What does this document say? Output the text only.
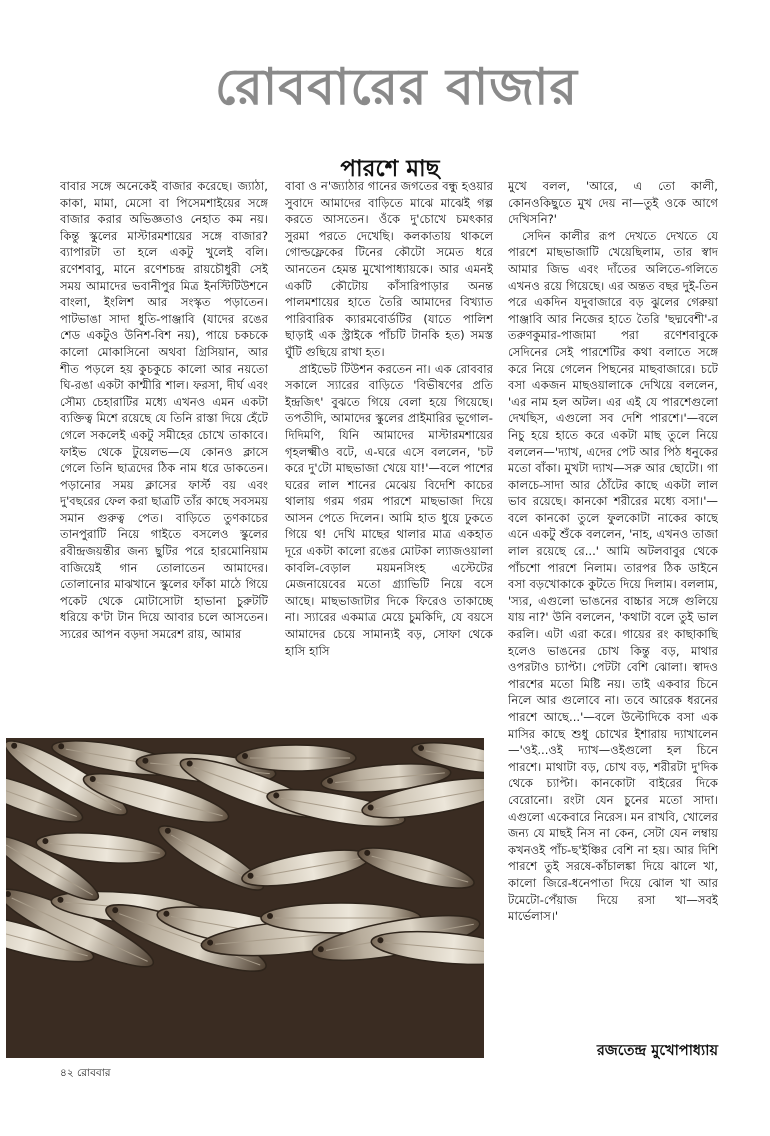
রোববারের বাজার
পারশে মাছ

বাবার সঙ্গে অনেকেই বাজার করেছে। জ্যাঠা, কাকা, মামা, মেসো বা পিসেমশাইয়ের সঙ্গে বাজার করার অভিজ্ঞতাও নেহাত কম নয়। কিন্তু স্কুলের মাস্টারমশায়ের সঙ্গে বাজার? ব্যাপারটা তা হলে একটু খুলেই বলি। রণেশবাবু, মানে রণেশচন্দ্র রায়চৌধুরী সেই সময় আমাদের ভবানীপুর মিত্র ইনস্টিটিউশনে বাংলা, ইংলিশ আর সংস্কৃত পড়াতেন। পাটভাঙা সাদা ধুতি-পাঞ্জাবি (যাদের রঙের শেড একটুও উনিশ-বিশ নয়), পায়ে চকচকে কালো মোকাসিনো অথবা গ্রিসিয়ান, আর শীত পড়লে হয় কুচকুচে কালো আর নয়তো ঘি-রঙা একটা কাশ্মীরি শাল। ফরসা, দীর্ঘ এবং সৌম্য চেহারাটির মধ্যে এখনও এমন একটা ব্যক্তিত্ব মিশে রয়েছে যে তিনি রাস্তা দিয়ে হেঁটে গেলে সকলেই একটু সমীহের চোখে তাকাবে। ফাইভ থেকে টুয়েলভ—যে কোনও ক্লাসে গেলে তিনি ছাত্রদের ঠিক নাম ধরে ডাকতেন। পড়ানোর সময় ক্লাসের ফার্স্ট বয় এবং দু'বছরের ফেল করা ছাত্রটি তাঁর কাছে সবসময় সমান গুরুত্ব পেত। বাড়িতে তুণকাচের তানপুরাটি নিয়ে গাইতে বসলেও স্কুলের রবীন্দ্রজয়ন্তীর জন্য ছুটির পরে হারমোনিয়াম বাজিয়েই গান তোলাতেন আমাদের। তোলানোর মাঝখানে স্কুলের ফাঁকা মাঠে গিয়ে পকেট থেকে মোটাসোটা হাভানা চুরুটটি ধরিয়ে ক'টা টান দিয়ে আবার চলে আসতেন। স্যরের আপন বড়দা সমরেশ রায়, আমার

বাবা ও ন'জ্যাঠার গানের জগতের বন্ধু হওয়ার সুবাদে আমাদের বাড়িতে মাঝে মাঝেই গল্প করতে আসতেন। ওঁকে দু'চোখে চমৎকার সুরমা পরতে দেখেছি। কলকাতায় থাকলে গোল্ডফ্লেকের টিনের কৌটো সমেত ধরে আনতেন হেমন্ত মুখোপাধ্যায়কে। আর এমনই একটি কৌটোয় কাঁসারিপাড়ার অনন্ত পালমশায়ের হাতে তৈরি আমাদের বিখ্যাত পারিবারিক ক্যারমবোর্ডটির (যাতে পালিশ ছাড়াই এক স্ট্রাইকে পাঁচটি টানকি হত) সমস্ত ঘুঁটি গুছিয়ে রাখা হত।

প্রাইভেট টিউশন করতেন না। এক রোববার সকালে স্যারের বাড়িতে 'বিভীষণের প্রতি ইন্দ্রজিৎ' বুঝতে গিয়ে বেলা হয়ে গিয়েছে। তপতীদি, আমাদের স্কুলের প্রাইমারির ভূগোল-দিদিমণি, যিনি আমাদের মাস্টারমশায়ের গৃহলক্ষ্মীও বটে, এ-ঘরে এসে বললেন, 'চট করে দু'টো মাছভাজা খেয়ে যা!'—বলে পাশের ঘরের লাল শানের মেঝেয় বিদেশি কাচের থালায় গরম গরম পারশে মাছভাজা দিয়ে আসন পেতে দিলেন। আমি হাত ধুয়ে ঢুকতে গিয়ে থ! দেখি মাছের থালার মাত্র একহাত দূরে একটা কালো রঙের মোটকা ল্যাজওয়ালা কাবলি-বেড়াল ময়মনসিংহ এস্টেটের মেজনায়েবের মতো গ্র্যাভিটি নিয়ে বসে আছে। মাছভাজাটার দিকে ফিরেও তাকাচ্ছে না। স্যারের একমাত্র মেয়ে চুমকিদি, যে বয়সে আমাদের চেয়ে সামান্যই বড়, সোফা থেকে হাসি হাসি

মুখে বলল, 'আরে, এ তো কালী, কোনওকিছুতে মুখ দেয় না—তুই ওকে আগে দেখিসনি?'

সেদিন কালীর রূপ দেখতে দেখতে যে পারশে মাছভাজাটি খেয়েছিলাম, তার স্বাদ আমার জিভ এবং দাঁতের অলিতে-গলিতে এখনও রয়ে গিয়েছে। এর অন্তত বছর দুই-তিন পরে একদিন যদুবাজারে বড় ঝুলের গেরুয়া পাঞ্জাবি আর নিজের হাতে তৈরি 'ছদ্মবেশী'-র তরুণকুমার-পাজামা পরা রণেশবাবুকে সেদিনের সেই পারশেটির কথা বলাতে সঙ্গে করে নিয়ে গেলেন পিছনের মাছবাজারে। চটে বসা একজন মাছওয়ালাকে দেখিয়ে বললেন, 'এর নাম হল অটল। এর এই যে পারশেগুলো দেখছিস, এগুলো সব দেশি পারশে।'—বলে নিচু হয়ে হাতে করে একটা মাছ তুলে নিয়ে বললেন—'দ্যাখ, এদের পেট আর পিঠ ধনুকের মতো বাঁকা। মুখটা দ্যাখ—সরু আর ছোটো। গা কালচে-সাদা আর ঠোঁটের কাছে একটা লাল ভাব রয়েছে। কানকো শরীরের মধ্যে বসা।'—বলে কানকো তুলে ফুলকোটা নাকের কাছে এনে একটু শুঁকে বললেন, 'নাহ, এখনও তাজা লাল রয়েছে রে...' আমি অটলবাবুর থেকে পাঁচশো পারশে নিলাম। তারপর ঠিক ডাইনে বসা বড়খোকাকে কুটতে দিয়ে দিলাম। বললাম, 'স্যর, এগুলো ভাঙনের বাচ্চার সঙ্গে গুলিয়ে যায় না?' উনি বললেন, 'কথাটা বলে তুই ভাল করলি। এটা এরা করে। গায়ের রং কাছাকাছি হলেও ভাঙনের চোখ কিন্তু বড়, মাথার ওপরটাও চ্যাপ্টা। পেটটা বেশি ঝোলা। স্বাদও পারশের মতো মিষ্টি নয়। তাই একবার চিনে নিলে আর গুলোবে না। তবে আরেক ধরনের পারশে আছে...'—বলে উল্টোদিকে বসা এক মাসির কাছে শুধু চোখের ইশারায় দ্যাখালেন—'ওই...ওই দ্যাখ—ওইগুলো হল চিনে পারশে। মাথাটা বড়, চোখ বড়, শরীরটা দু'দিক থেকে চ্যাপ্টা। কানকোটা বাইরের দিকে বেরোনো। রংটা যেন চুনের মতো সাদা। এগুলো একেবারে নিরেস। মন রাখবি, খোলের জন্য যে মাছই নিস না কেন, সেটা যেন লম্বায় কখনওই পাঁচ-ছ'ইঞ্চির বেশি না হয়। আর দিশি পারশে তুই সরষে-কাঁচালঙ্কা দিয়ে ঝালে খা, কালো জিরে-ধনেপাতা দিয়ে ঝোল খা আর টমেটো-পেঁয়াজ দিয়ে রসা খা—সবই মার্ভেলাস।'

রজতেন্দ্র মুখোপাধ্যায়
৪২ রোববার
